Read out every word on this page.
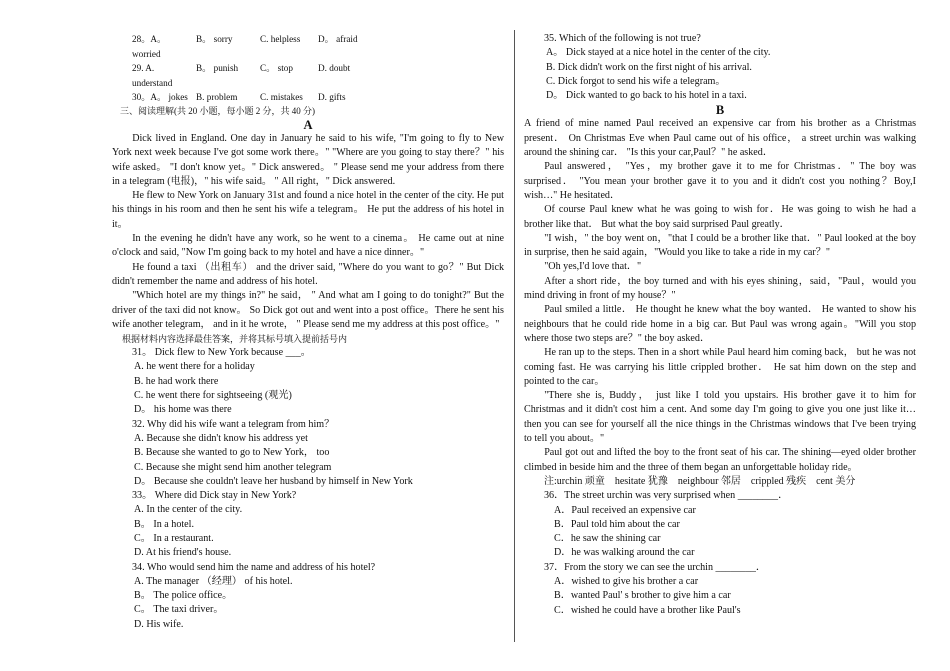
28。A。 worried
B。 sorry	C. helpless	D。 afraid
29. A. understand
B。 punish	C。 stop	D. doubt
30。A。 jokes B. problem	C. mistakes	D. gifts
三、阅读理解(共 20 小题，每小题 2 分，共 40 分)
A

Dick lived in England. One day in January he said to his wife, "I'm going to fly to New York next week because I've got some work there。" "Where are you going to stay there？" his wife asked。 "I don't know yet。" Dick answered。 " Please send me your address from there in a telegram (电报)，" his wife said。 " All right，" Dick answered.

He flew to New York on January 31st and found a nice hotel in the center of the city. He put his things in his room and then he sent his wife a telegram。 He put the address of his hotel in it。

In the evening he didn't have any work, so he went to a cinema。 He came out at nine o'clock and said, "Now I'm going back to my hotel and have a nice dinner。"

He found a taxi （出租车） and the driver said, "Where do you want to go？" But Dick didn't remember the name and address of his hotel.

"Which hotel are my things in?" he said， " And what am I going to do tonight?" But the driver of the taxi did not know。 So Dick got out and went into a post office。There he sent his wife another telegram， and in it he wrote， " Please send me my address at this post office。"

根据材料内容选择最佳答案，并将其标号填入提前括号内
31。 Dick flew to New York because ___。
A. he went there for a holiday
B. he had work there
C. he went there for sightseeing (观光)
D。 his home was there
32. Why did his wife want a telegram from him？
A. Because she didn't know his address yet
B. Because she wanted to go to New York， too
C. Because she might send him another telegram
D。 Because she couldn't leave her husband by himself in New York
33。 Where did Dick stay in New York?
A. In the center of the city.
B。 In a hotel.
C。 In a restaurant.
D. At his friend's house.
34. Who would send him the name and address of his hotel?
A. The manager （经理） of his hotel.
B。 The police office。
C。 The taxi driver。
D. His wife.
35. Which of the following is not true?
A。 Dick stayed at a nice hotel in the center of the city.
B. Dick didn't work on the first night of his arrival.
C. Dick forgot to send his wife a telegram。
D。 Dick wanted to go back to his hotel in a taxi.
B

A friend of mine named Paul received an expensive car from his brother as a Christmas present． On Christmas Eve when Paul came out of his office， a street urchin was walking around the shining car． "Is this your car,Paul？" he asked．

Paul answered， "Yes，my brother gave it to me for Christmas．" The boy was surprised． "You mean your brother gave it to you and it didn't cost you nothing？Boy,I wish…" He hesitated．

Of course Paul knew what he was going to wish for．He was going to wish he had a brother like that． But what the boy said surprised Paul greatly．

"I wish，" the boy went on，"that I could be a brother like that．" Paul looked at the boy in surprise, then he said again，"Would you like to take a ride in my car？"

"Oh yes,I'd love that．"

After a short ride，the boy turned and with his eyes shining，said，"Paul，would you mind driving in front of my house？"

Paul smiled a little． He thought he knew what the boy wanted． He wanted to show his neighbours that he could ride home in a big car. But Paul was wrong again。"Will you stop where those two steps are？" the boy asked．

He ran up to the steps. Then in a short while Paul heard him coming back， but he was not coming fast. He was carrying his little crippled brother． He sat him down on the step and pointed to the car。

"There she is, Buddy， just like I told you upstairs. His brother gave it to him for Christmas and it didn't cost him a cent. And some day I'm going to give you one just like it…then you can see for yourself all the nice things in the Christmas windows that I've been trying to tell you about。"

Paul got out and lifted the boy to the front seat of his car. The shining—eyed older brother climbed in beside him and the three of them began an unforgettable holiday ride。

注:urchin 顽童　hesitate 犹豫　neighbour 邻居　crippled 残疾　cent 美分
36．The street urchin was very surprised when ________．
A．Paul received an expensive car
B．Paul told him about the car
C．he saw the shining car
D．he was walking around the car
37．From the story we can see the urchin ________．
A．wished to give his brother a car
B．wanted Paul' s brother to give him a car
C．wished he could have a brother like Paul's
